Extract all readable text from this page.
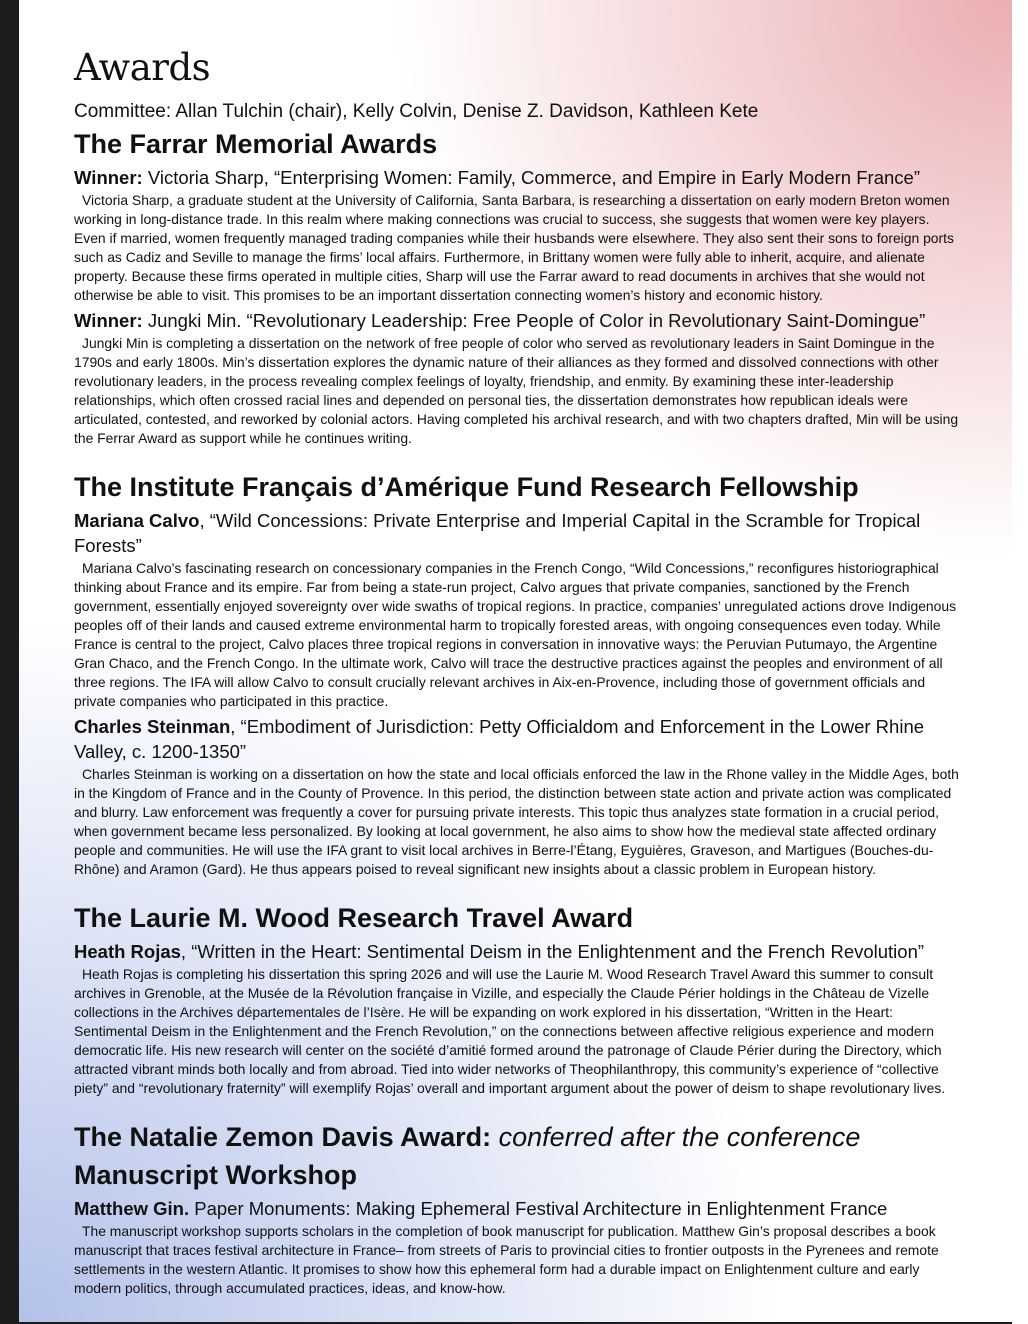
Awards

Committee: Allan Tulchin (chair), Kelly Colvin, Denise Z. Davidson, Kathleen Kete

The Farrar Memorial Awards

Winner: Victoria Sharp, “Enterprising Women: Family, Commerce, and Empire in Early Modern France”

Victoria Sharp, a graduate student at the University of California, Santa Barbara, is researching a dissertation on early modern Breton women working in long-distance trade. In this realm where making connections was crucial to success, she suggests that women were key players. Even if married, women frequently managed trading companies while their husbands were elsewhere. They also sent their sons to foreign ports such as Cadiz and Seville to manage the firms’ local affairs. Furthermore, in Brittany women were fully able to inherit, acquire, and alienate property. Because these firms operated in multiple cities, Sharp will use the Farrar award to read documents in archives that she would not otherwise be able to visit. This promises to be an important dissertation connecting women’s history and economic history.

Winner: Jungki Min. “Revolutionary Leadership: Free People of Color in Revolutionary Saint-Domingue”

Jungki Min is completing a dissertation on the network of free people of color who served as revolutionary leaders in Saint Domingue in the 1790s and early 1800s. Min’s dissertation explores the dynamic nature of their alliances as they formed and dissolved connections with other revolutionary leaders, in the process revealing complex feelings of loyalty, friendship, and enmity. By examining these inter-leadership relationships, which often crossed racial lines and depended on personal ties, the dissertation demonstrates how republican ideals were articulated, contested, and reworked by colonial actors. Having completed his archival research, and with two chapters drafted, Min will be using the Ferrar Award as support while he continues writing.

The Institute Français d’Amérique Fund Research Fellowship

Mariana Calvo, “Wild Concessions: Private Enterprise and Imperial Capital in the Scramble for Tropical Forests”

Mariana Calvo’s fascinating research on concessionary companies in the French Congo, “Wild Concessions,” reconfigures historiographical thinking about France and its empire. Far from being a state-run project, Calvo argues that private companies, sanctioned by the French government, essentially enjoyed sovereignty over wide swaths of tropical regions. In practice, companies’ unregulated actions drove Indigenous peoples off of their lands and caused extreme environmental harm to tropically forested areas, with ongoing consequences even today. While France is central to the project, Calvo places three tropical regions in conversation in innovative ways: the Peruvian Putumayo, the Argentine Gran Chaco, and the French Congo. In the ultimate work, Calvo will trace the destructive practices against the peoples and environment of all three regions. The IFA will allow Calvo to consult crucially relevant archives in Aix-en-Provence, including those of government officials and private companies who participated in this practice.

Charles Steinman, “Embodiment of Jurisdiction: Petty Officialdom and Enforcement in the Lower Rhine Valley, c. 1200-1350”

Charles Steinman is working on a dissertation on how the state and local officials enforced the law in the Rhone valley in the Middle Ages, both in the Kingdom of France and in the County of Provence. In this period, the distinction between state action and private action was complicated and blurry. Law enforcement was frequently a cover for pursuing private interests. This topic thus analyzes state formation in a crucial period, when government became less personalized. By looking at local government, he also aims to show how the medieval state affected ordinary people and communities. He will use the IFA grant to visit local archives in Berre-l’Étang, Eyguières, Graveson, and Martigues (Bouches-du-Rhône) and Aramon (Gard). He thus appears poised to reveal significant new insights about a classic problem in European history.

The Laurie M. Wood Research Travel Award

Heath Rojas, “Written in the Heart: Sentimental Deism in the Enlightenment and the French Revolution”

Heath Rojas is completing his dissertation this spring 2026 and will use the Laurie M. Wood Research Travel Award this summer to consult archives in Grenoble, at the Musée de la Révolution française in Vizille, and especially the Claude Périer holdings in the Château de Vizelle collections in the Archives départementales de l’Isère. He will be expanding on work explored in his dissertation, “Written in the Heart: Sentimental Deism in the Enlightenment and the French Revolution,” on the connections between affective religious experience and modern democratic life. His new research will center on the société d’amitié formed around the patronage of Claude Périer during the Directory, which attracted vibrant minds both locally and from abroad. Tied into wider networks of Theophilanthropy, this community’s experience of “collective piety” and “revolutionary fraternity” will exemplify Rojas’ overall and important argument about the power of deism to shape revolutionary lives.

The Natalie Zemon Davis Award: conferred after the conference
Manuscript Workshop

Matthew Gin. Paper Monuments: Making Ephemeral Festival Architecture in Enlightenment France

The manuscript workshop supports scholars in the completion of book manuscript for publication. Matthew Gin’s proposal describes a book manuscript that traces festival architecture in France– from streets of Paris to provincial cities to frontier outposts in the Pyrenees and remote settlements in the western Atlantic. It promises to show how this ephemeral form had a durable impact on Enlightenment culture and early modern politics, through accumulated practices, ideas, and know-how.
